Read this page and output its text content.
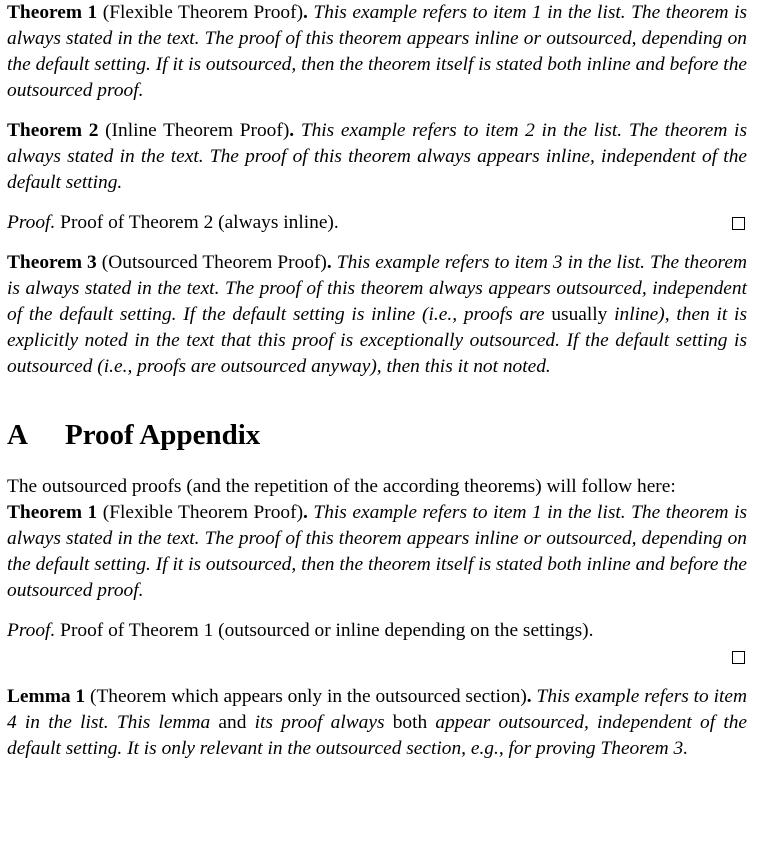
Theorem 1 (Flexible Theorem Proof). This example refers to item 1 in the list. The theorem is always stated in the text. The proof of this theorem appears inline or outsourced, depending on the default setting. If it is outsourced, then the theorem itself is stated both inline and before the outsourced proof.

Theorem 2 (Inline Theorem Proof). This example refers to item 2 in the list. The theorem is always stated in the text. The proof of this theorem always appears inline, independent of the default setting.

Proof. Proof of Theorem 2 (always inline).

Theorem 3 (Outsourced Theorem Proof). This example refers to item 3 in the list. The theorem is always stated in the text. The proof of this theorem always appears outsourced, independent of the default setting. If the default setting is inline (i.e., proofs are usually inline), then it is explicitly noted in the text that this proof is exceptionally outsourced. If the default setting is outsourced (i.e., proofs are outsourced anyway), then this it not noted.

A	Proof Appendix

The outsourced proofs (and the repetition of the according theorems) will follow here:

Theorem 1 (Flexible Theorem Proof). This example refers to item 1 in the list. The theorem is always stated in the text. The proof of this theorem appears inline or outsourced, depending on the default setting. If it is outsourced, then the theorem itself is stated both inline and before the outsourced proof.

Proof. Proof of Theorem 1 (outsourced or inline depending on the settings).

Lemma 1 (Theorem which appears only in the outsourced section). This example refers to item 4 in the list. This lemma and its proof always both appear outsourced, independent of the default setting. It is only relevant in the outsourced section, e.g., for proving Theorem 3.
